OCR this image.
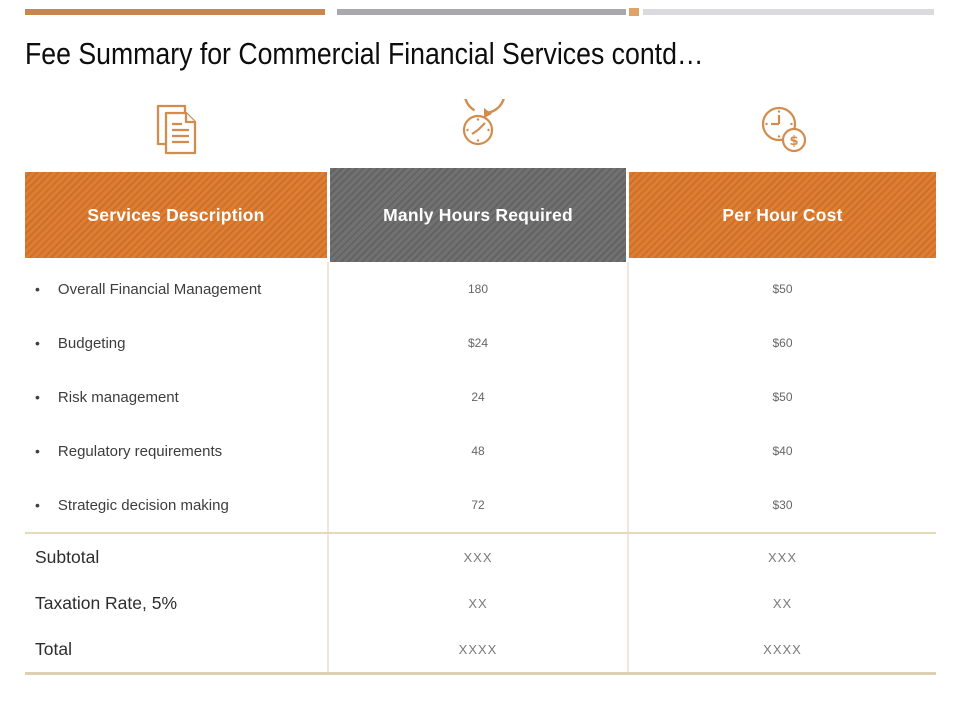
Fee Summary for Commercial Financial Services contd…
$
Services Description	Manly Hours Required	Per Hour Cost
• Overall Financial Management	180	$50
• Budgeting	$24	$60
• Risk management	24	$50
• Regulatory requirements	48	$40
• Strategic decision making	72	$30
Subtotal	XXX	XXX
Taxation Rate, 5%	XX	XX
Total	XXXX	XXXX
